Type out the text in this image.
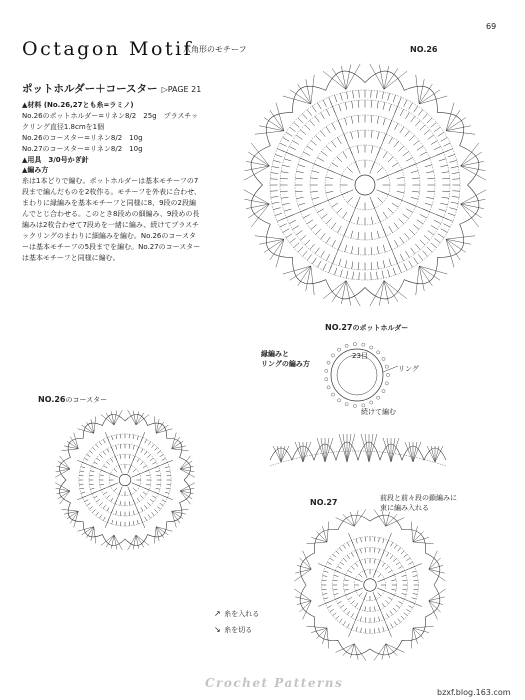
69
Octagon Motif
八角形のモチーフ
ポットホルダー＋コースター ▷PAGE 21
▲材料 (No.26,27とも糸=ラミノ)
No.26のポットホルダー=リネン8/2　25g　プラスチッ
クリング直径1.8cmを1個
No.26のコースター=リネン8/2　10g
No.27のコースター=リネン8/2　10g
▲用具　3/0号かぎ針
▲編み方
糸は1本どりで編む。ポットホルダーは基本モチーフの7
段まで編んだものを2枚作る。モチーフを外表に合わせ、
まわりに縁編みを基本モチーフと同様に8、9段の2段編
んでとじ合わせる。このとき8段めの細編み、9段めの長
編みは2枚合わせて7段めを一緒に編み、続けてプラスチ
ックリングのまわりに細編みを編む。No.26のコースタ
ーは基本モチーフの5段までを編む。No.27のコースター
は基本モチーフと同様に編む。
NO.26
NO.27のポットホルダー
縁編みと
リングの編み方
23目
リング
続けて編む
NO.26のコースター
NO.27	前段と前々段の鎖編みに
束に編み入れる
↗ 糸を入れる
↘ 糸を切る
Crochet Patterns
bzxf.blog.163.com
